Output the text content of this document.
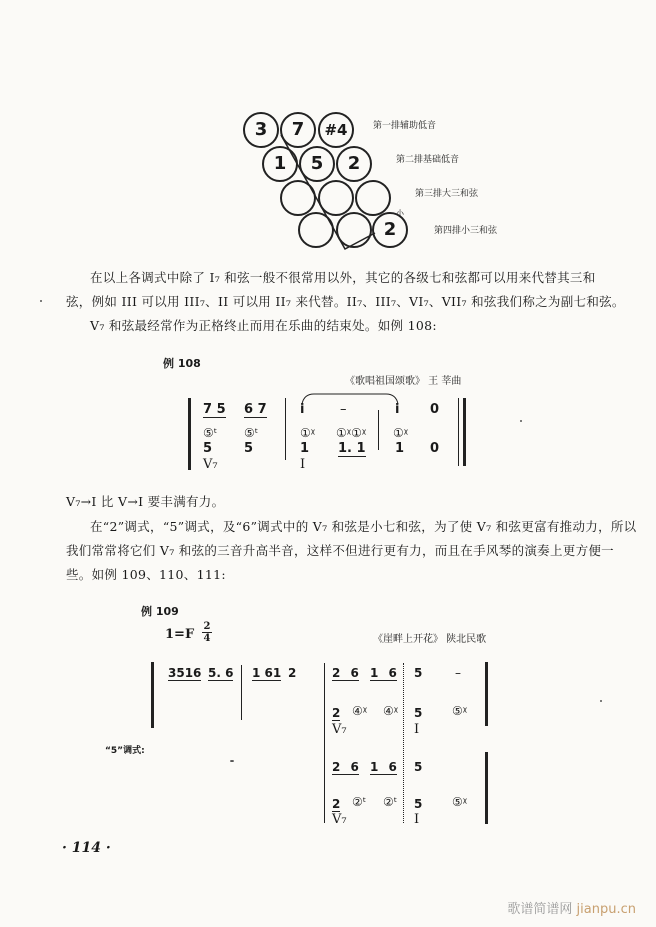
3	7	#4
1	5	2
2
小
第一排辅助低音
第二排基础低音
第三排大三和弦
第四排小三和弦
在以上各调式中除了 I₇ 和弦一般不很常用以外，其它的各级七和弦都可以用来代替其三和
弦，例如 III 可以用 III₇、II 可以用 II₇ 来代替。II₇、III₇、VI₇、VII₇ 和弦我们称之为副七和弦。
V₇ 和弦最经常作为正格终止而用在乐曲的结束处。如例 108:
例 108
《歌唱祖国颂歌》 王 莘曲
7 5 6 7	i	–	i 0
⑤ᵗ ⑤ᵗ	①ᵡ ①ᵡ①ᵡ ①ᵡ
5 5	1 1. 1 1 0
V₇	I
V₇→I 比 V→I 要丰满有力。
在“2”调式，“5”调式，及“6”调式中的 V₇ 和弦是小七和弦，为了使 V₇ 和弦更富有推动力，所以
我们常常将它们 V₇ 和弦的三音升高半音，这样不但进行更有力，而且在手风琴的演奏上更方便一
些。如例 109、110、111:
例 109
1=F
2
4	《崖畔上开花》 陕北民歌
3516 5. 6 1 61 2	2 6 1 6 5	–
2 ④ᵡ ④ᵡ 5 ⑤ᵡ
V₇	I
“5”调式:
2 6 1 6 5
2 ②ᵗ ②ᵗ 5 ⑤ᵡ
V₇	I
· 114 ·
歌谱简谱网 jianpu.cn
